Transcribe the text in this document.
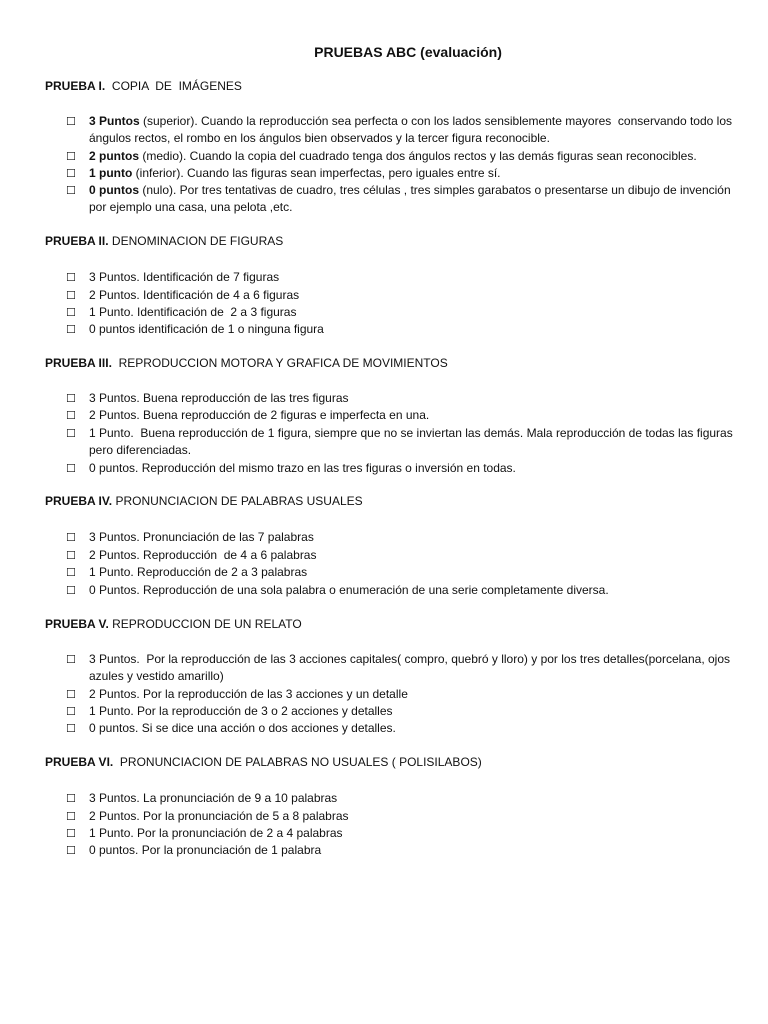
PRUEBAS ABC (evaluación)
PRUEBA I.  COPIA  DE  IMÁGENES
☐ 3 Puntos (superior). Cuando la reproducción sea perfecta o con los lados sensiblemente mayores  conservando todo los
ángulos rectos, el rombo en los ángulos bien observados y la tercer figura reconocible.
☐ 2 puntos (medio). Cuando la copia del cuadrado tenga dos ángulos rectos y las demás figuras sean reconocibles.
☐ 1 punto (inferior). Cuando las figuras sean imperfectas, pero iguales entre sí.
☐ 0 puntos (nulo). Por tres tentativas de cuadro, tres células , tres simples garabatos o presentarse un dibujo de invención
por ejemplo una casa, una pelota ,etc.
PRUEBA II. DENOMINACION DE FIGURAS
☐ 3 Puntos. Identificación de 7 figuras
☐ 2 Puntos. Identificación de 4 a 6 figuras
☐ 1 Punto. Identificación de  2 a 3 figuras
☐ 0 puntos identificación de 1 o ninguna figura
PRUEBA III.  REPRODUCCION MOTORA Y GRAFICA DE MOVIMIENTOS
☐ 3 Puntos. Buena reproducción de las tres figuras
☐ 2 Puntos. Buena reproducción de 2 figuras e imperfecta en una.
☐ 1 Punto.  Buena reproducción de 1 figura, siempre que no se inviertan las demás. Mala reproducción de todas las figuras
pero diferenciadas.
☐ 0 puntos. Reproducción del mismo trazo en las tres figuras o inversión en todas.
PRUEBA IV. PRONUNCIACION DE PALABRAS USUALES
☐ 3 Puntos. Pronunciación de las 7 palabras
☐ 2 Puntos. Reproducción  de 4 a 6 palabras
☐ 1 Punto. Reproducción de 2 a 3 palabras
☐ 0 Puntos. Reproducción de una sola palabra o enumeración de una serie completamente diversa.
PRUEBA V. REPRODUCCION DE UN RELATO
☐ 3 Puntos.  Por la reproducción de las 3 acciones capitales( compro, quebró y lloro) y por los tres detalles(porcelana, ojos
azules y vestido amarillo)
☐ 2 Puntos. Por la reproducción de las 3 acciones y un detalle
☐ 1 Punto. Por la reproducción de 3 o 2 acciones y detalles
☐ 0 puntos. Si se dice una acción o dos acciones y detalles.
PRUEBA VI.  PRONUNCIACION DE PALABRAS NO USUALES ( POLISILABOS)
☐ 3 Puntos. La pronunciación de 9 a 10 palabras
☐ 2 Puntos. Por la pronunciación de 5 a 8 palabras
☐ 1 Punto. Por la pronunciación de 2 a 4 palabras
☐ 0 puntos. Por la pronunciación de 1 palabra
